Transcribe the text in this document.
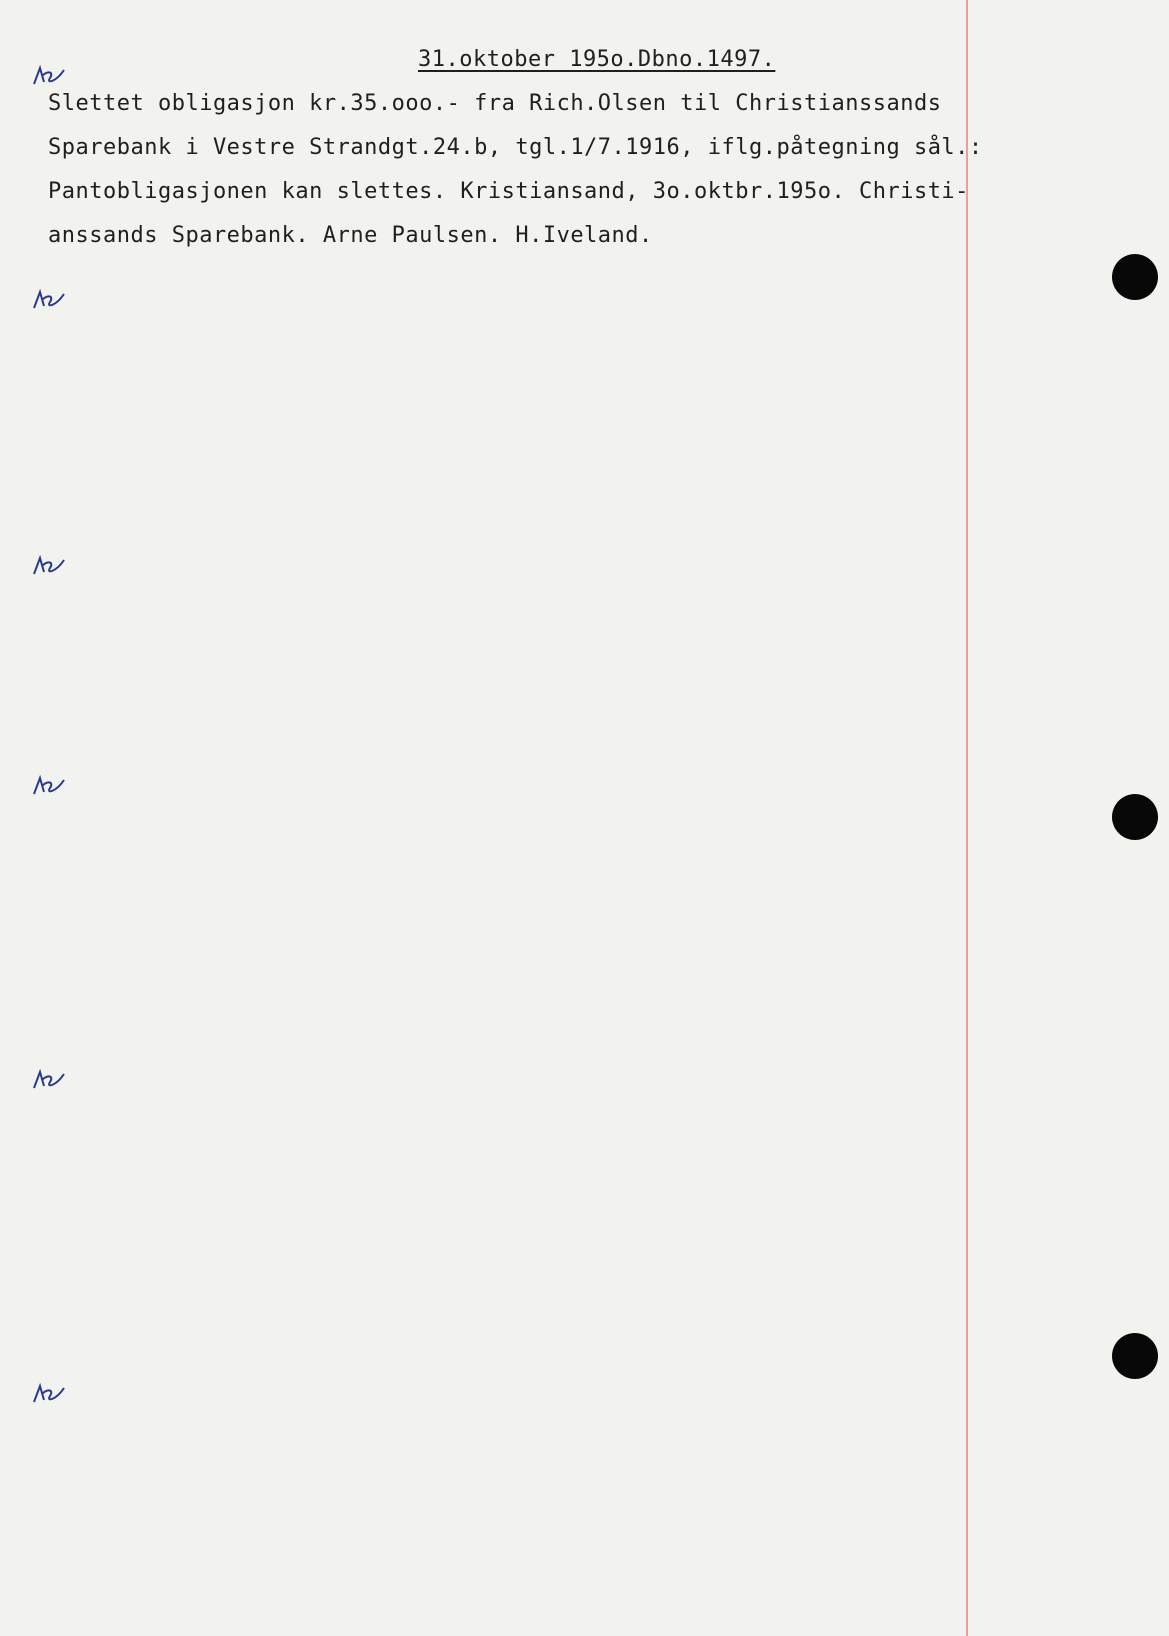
31.oktober 195o.Dbno.1497.
Slettet obligasjon kr.35.ooo.- fra Rich.Olsen til Christianssands
Sparebank i Vestre Strandgt.24.b, tgl.1/7.1916, iflg.påtegning sål.:
Pantobligasjonen kan slettes. Kristiansand, 3o.oktbr.195o. Christi-
anssands Sparebank. Arne Paulsen. H.Iveland.
